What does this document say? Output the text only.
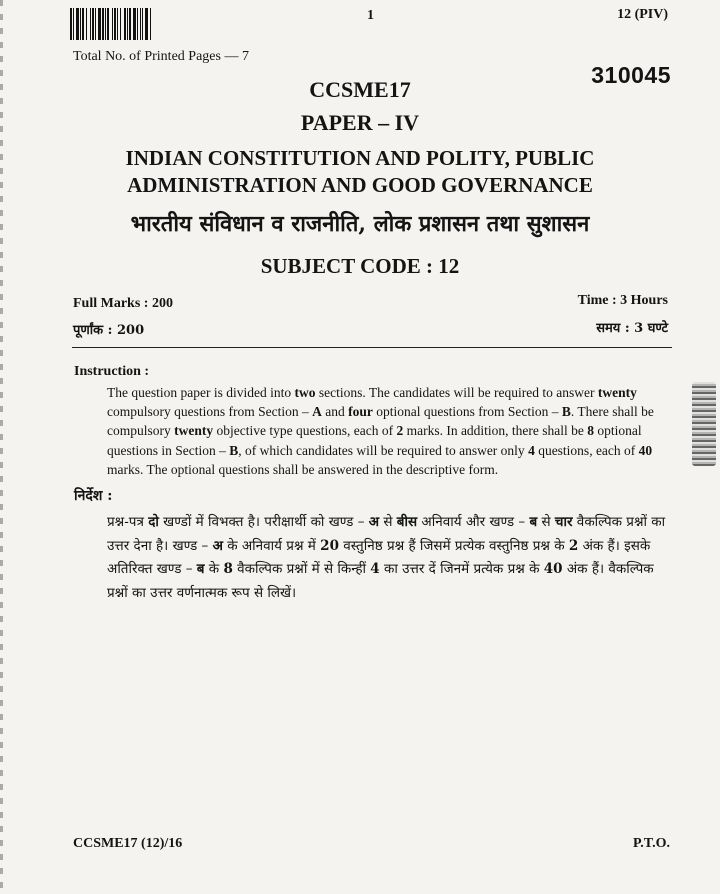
1	12 (PIV)
Total No. of Printed Pages — 7
310045
CCSME17
PAPER – IV
INDIAN CONSTITUTION AND POLITY, PUBLIC
ADMINISTRATION AND GOOD GOVERNANCE
भारतीय संविधान व राजनीति, लोक प्रशासन तथा सुशासन
SUBJECT CODE : 12
Full Marks : 200	Time : 3 Hours
पूर्णांक : 200	समय : 3 घण्टे
Instruction :
The question paper is divided into two sections. The candidates will be required to answer twenty compulsory questions from Section – A and four optional questions from Section – B. There shall be compulsory twenty objective type questions, each of 2 marks. In addition, there shall be 8 optional questions in Section – B, of which candidates will be required to answer only 4 questions, each of 40 marks. The optional questions shall be answered in the descriptive form.
निर्देश :
प्रश्न-पत्र दो खण्डों में विभक्त है। परीक्षार्थी को खण्ड – अ से बीस अनिवार्य और खण्ड – ब से चार वैकल्पिक प्रश्नों का उत्तर देना है। खण्ड – अ के अनिवार्य प्रश्न में 20 वस्तुनिष्ठ प्रश्न हैं जिसमें प्रत्येक वस्तुनिष्ठ प्रश्न के 2 अंक हैं। इसके अतिरिक्त खण्ड – ब के 8 वैकल्पिक प्रश्नों में से किन्हीं 4 का उत्तर दें जिनमें प्रत्येक प्रश्न के 40 अंक हैं। वैकल्पिक प्रश्नों का उत्तर वर्णनात्मक रूप से लिखें।
CCSME17 (12)/16	P.T.O.
